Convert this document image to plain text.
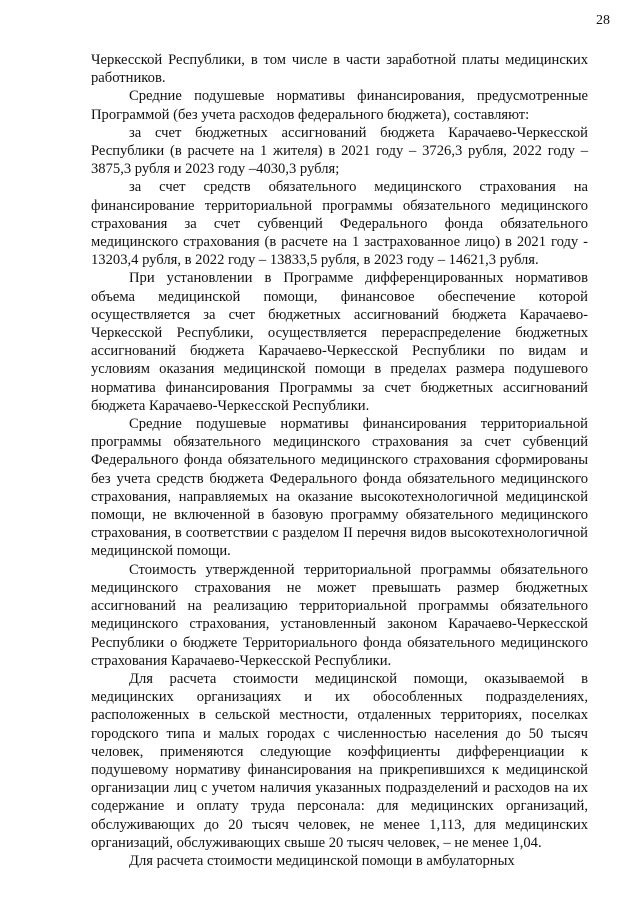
28

Черкесской Республики, в том числе в части заработной платы медицинских работников.

Средние подушевые нормативы финансирования, предусмотренные Программой (без учета расходов федерального бюджета), составляют:

за счет бюджетных ассигнований бюджета Карачаево-Черкесской Республики (в расчете на 1 жителя) в 2021 году – 3726,3 рубля, 2022 году – 3875,3 рубля и 2023 году –4030,3 рубля;

за счет средств обязательного медицинского страхования на финансирование территориальной программы обязательного медицинского страхования за счет субвенций Федерального фонда обязательного медицинского страхования (в расчете на 1 застрахованное лицо) в 2021 году - 13203,4 рубля, в 2022 году – 13833,5 рубля, в 2023 году – 14621,3 рубля.

При установлении в Программе дифференцированных нормативов объема медицинской помощи, финансовое обеспечение которой осуществляется за счет бюджетных ассигнований бюджета Карачаево-Черкесской Республики, осуществляется перераспределение бюджетных ассигнований бюджета Карачаево-Черкесской Республики по видам и условиям оказания медицинской помощи в пределах размера подушевого норматива финансирования Программы за счет бюджетных ассигнований бюджета Карачаево-Черкесской Республики.

Средние подушевые нормативы финансирования территориальной программы обязательного медицинского страхования за счет субвенций Федерального фонда обязательного медицинского страхования сформированы без учета средств бюджета Федерального фонда обязательного медицинского страхования, направляемых на оказание высокотехнологичной медицинской помощи, не включенной в базовую программу обязательного медицинского страхования, в соответствии с разделом II перечня видов высокотехнологичной медицинской помощи.

Стоимость утвержденной территориальной программы обязательного медицинского страхования не может превышать размер бюджетных ассигнований на реализацию территориальной программы обязательного медицинского страхования, установленный законом Карачаево-Черкесской Республики о бюджете Территориального фонда обязательного медицинского страхования Карачаево-Черкесской Республики.

Для расчета стоимости медицинской помощи, оказываемой в медицинских организациях и их обособленных подразделениях, расположенных в сельской местности, отдаленных территориях, поселках городского типа и малых городах с численностью населения до 50 тысяч человек, применяются следующие коэффициенты дифференциации к подушевому нормативу финансирования на прикрепившихся к медицинской организации лиц с учетом наличия указанных подразделений и расходов на их содержание и оплату труда персонала: для медицинских организаций, обслуживающих до 20 тысяч человек, не менее 1,113, для медицинских организаций, обслуживающих свыше 20 тысяч человек, – не менее 1,04.

Для расчета стоимости медицинской помощи в амбулаторных
